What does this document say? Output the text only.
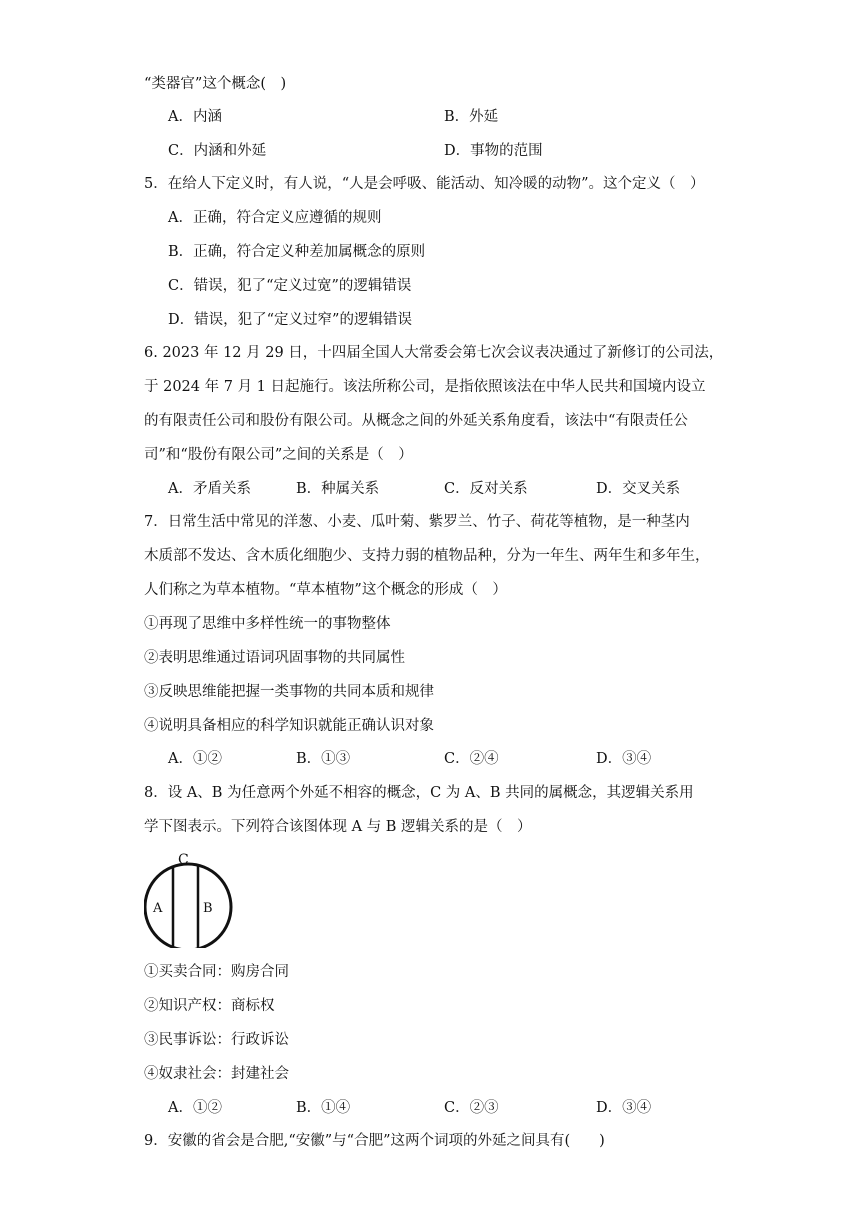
“类器官”这个概念(　)
A．内涵	B．外延
C．内涵和外延	D．事物的范围
5．在给人下定义时，有人说，“人是会呼吸、能活动、知冷暖的动物”。这个定义（　）
A．正确，符合定义应遵循的规则
B．正确，符合定义种差加属概念的原则
C．错误，犯了“定义过宽”的逻辑错误
D．错误，犯了“定义过窄”的逻辑错误
6. 2023 年 12 月 29 日，十四届全国人大常委会第七次会议表决通过了新修订的公司法，
于 2024 年 7 月 1 日起施行。该法所称公司，是指依照该法在中华人民共和国境内设立
的有限责任公司和股份有限公司。从概念之间的外延关系角度看，该法中“有限责任公
司”和“股份有限公司”之间的关系是（　）
A．矛盾关系	B．种属关系	C．反对关系	D．交叉关系
7．日常生活中常见的洋葱、小麦、瓜叶菊、紫罗兰、竹子、荷花等植物，是一种茎内
木质部不发达、含木质化细胞少、支持力弱的植物品种，分为一年生、两年生和多年生，
人们称之为草本植物。“草本植物”这个概念的形成（　）
①再现了思维中多样性统一的事物整体
②表明思维通过语词巩固事物的共同属性
③反映思维能把握一类事物的共同本质和规律
④说明具备相应的科学知识就能正确认识对象
A．①②	B．①③	C．②④	D．③④
8．设 A、B 为任意两个外延不相容的概念，C 为 A、B 共同的属概念，其逻辑关系用
学下图表示。下列符合该图体现 A 与 B 逻辑关系的是（　）
C
A	B
①买卖合同：购房合同
②知识产权：商标权
③民事诉讼：行政诉讼
④奴隶社会：封建社会
A．①②	B．①④	C．②③	D．③④
9．安徽的省会是合肥,“安徽”与“合肥”这两个词项的外延之间具有(　　)
